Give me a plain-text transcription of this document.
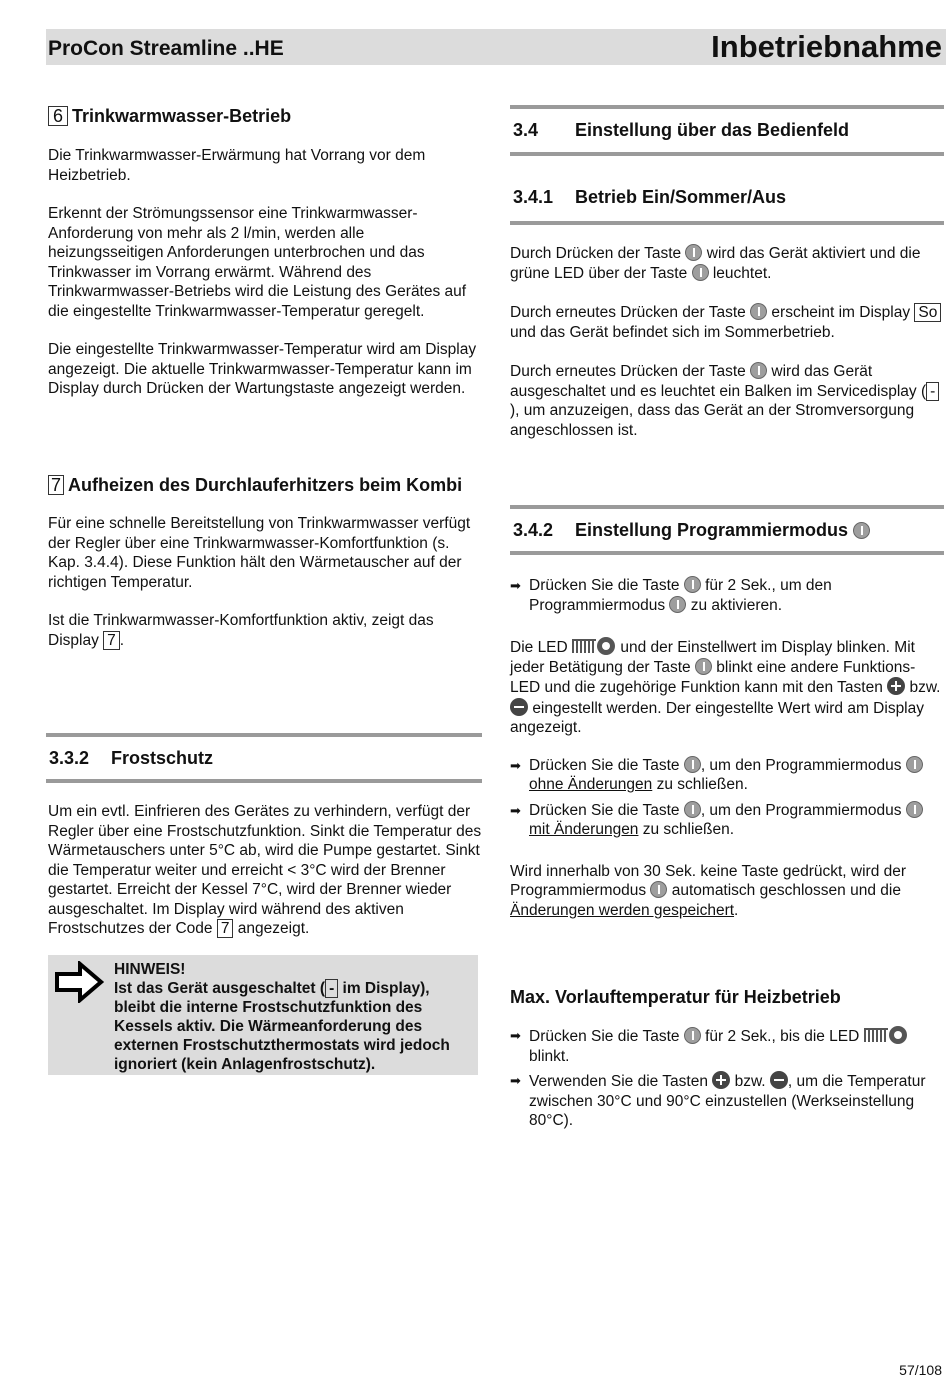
ProCon Streamline ..HE	Inbetriebnahme
6 Trinkwarmwasser-Betrieb

Die Trinkwarmwasser-Erwärmung hat Vorrang vor dem Heizbetrieb.

Erkennt der Strömungssensor eine Trinkwarmwasser-Anforderung von mehr als 2 l/min, werden alle heizungsseitigen Anforderungen unterbrochen und das Trinkwasser im Vorrang erwärmt. Während des Trinkwarmwasser-Betriebs wird die Leistung des Gerätes auf die eingestellte Trinkwarmwasser-Temperatur geregelt.

Die eingestellte Trinkwarmwasser-Temperatur wird am Display angezeigt. Die aktuelle Trinkwarmwasser-Temperatur kann im Display durch Drücken der Wartungstaste angezeigt werden.

7 Aufheizen des Durchlauferhitzers beim Kombi

Für eine schnelle Bereitstellung von Trinkwarmwasser verfügt der Regler über eine Trinkwarmwasser-Komfortfunktion (s. Kap. 3.4.4). Diese Funktion hält den Wärmetauscher auf der richtigen Temperatur.

Ist die Trinkwarmwasser-Komfortfunktion aktiv, zeigt das Display 7 .

3.3.2 Frostschutz

Um ein evtl. Einfrieren des Gerätes zu verhindern, verfügt der Regler über eine Frostschutzfunktion. Sinkt die Temperatur des Wärmetauschers unter 5°C ab, wird die Pumpe gestartet. Sinkt die Temperatur weiter und erreicht < 3°C wird der Brenner gestartet. Erreicht der Kessel 7°C, wird der Brenner wieder ausgeschaltet. Im Display wird während des aktiven Frostschutzes der Code 7 angezeigt.

HINWEIS!
Ist das Gerät ausgeschaltet ( - im Display), bleibt die interne Frostschutzfunktion des Kessels aktiv. Die Wärmeanforderung des externen Frostschutzthermostats wird jedoch ignoriert (kein Anlagenfrostschutz).
3.4 Einstellung über das Bedienfeld
3.4.1 Betrieb Ein/Sommer/Aus

Durch Drücken der Taste wird das Gerät aktiviert und die grüne LED über der Taste leuchtet.

Durch erneutes Drücken der Taste erscheint im Display So und das Gerät befindet sich im Sommerbetrieb.

Durch erneutes Drücken der Taste wird das Gerät ausgeschaltet und es leuchtet ein Balken im Servicedisplay ( -), um anzuzeigen, dass das Gerät an der Stromversorgung angeschlossen ist.

3.4.2 Einstellung Programmiermodus

➡ Drücken Sie die Taste für 2 Sek., um den Programmiermodus zu aktivieren.

Die LED	und der Einstellwert im Display blinken. Mit jeder Betätigung der Taste blinkt eine andere Funktions-LED und die zugehörige Funktion kann mit den Tasten bzw.  eingestellt werden. Der eingestellte Wert wird am Display angezeigt.

➡ Drücken Sie die Taste , um den Programmiermodus  ohne Änderungen zu schließen.

➡ Drücken Sie die Taste , um den Programmiermodus  mit Änderungen zu schließen.

Wird innerhalb von 30 Sek. keine Taste gedrückt, wird der Programmiermodus automatisch geschlossen und die Änderungen werden gespeichert.

Max. Vorlauftemperatur für Heizbetrieb

➡ Drücken Sie die Taste für 2 Sek., bis die LED
blinkt.

➡ Verwenden Sie die Tasten bzw. , um die Temperatur zwischen 30°C und 90°C einzustellen (Werkseinstellung 80°C).

57/108
